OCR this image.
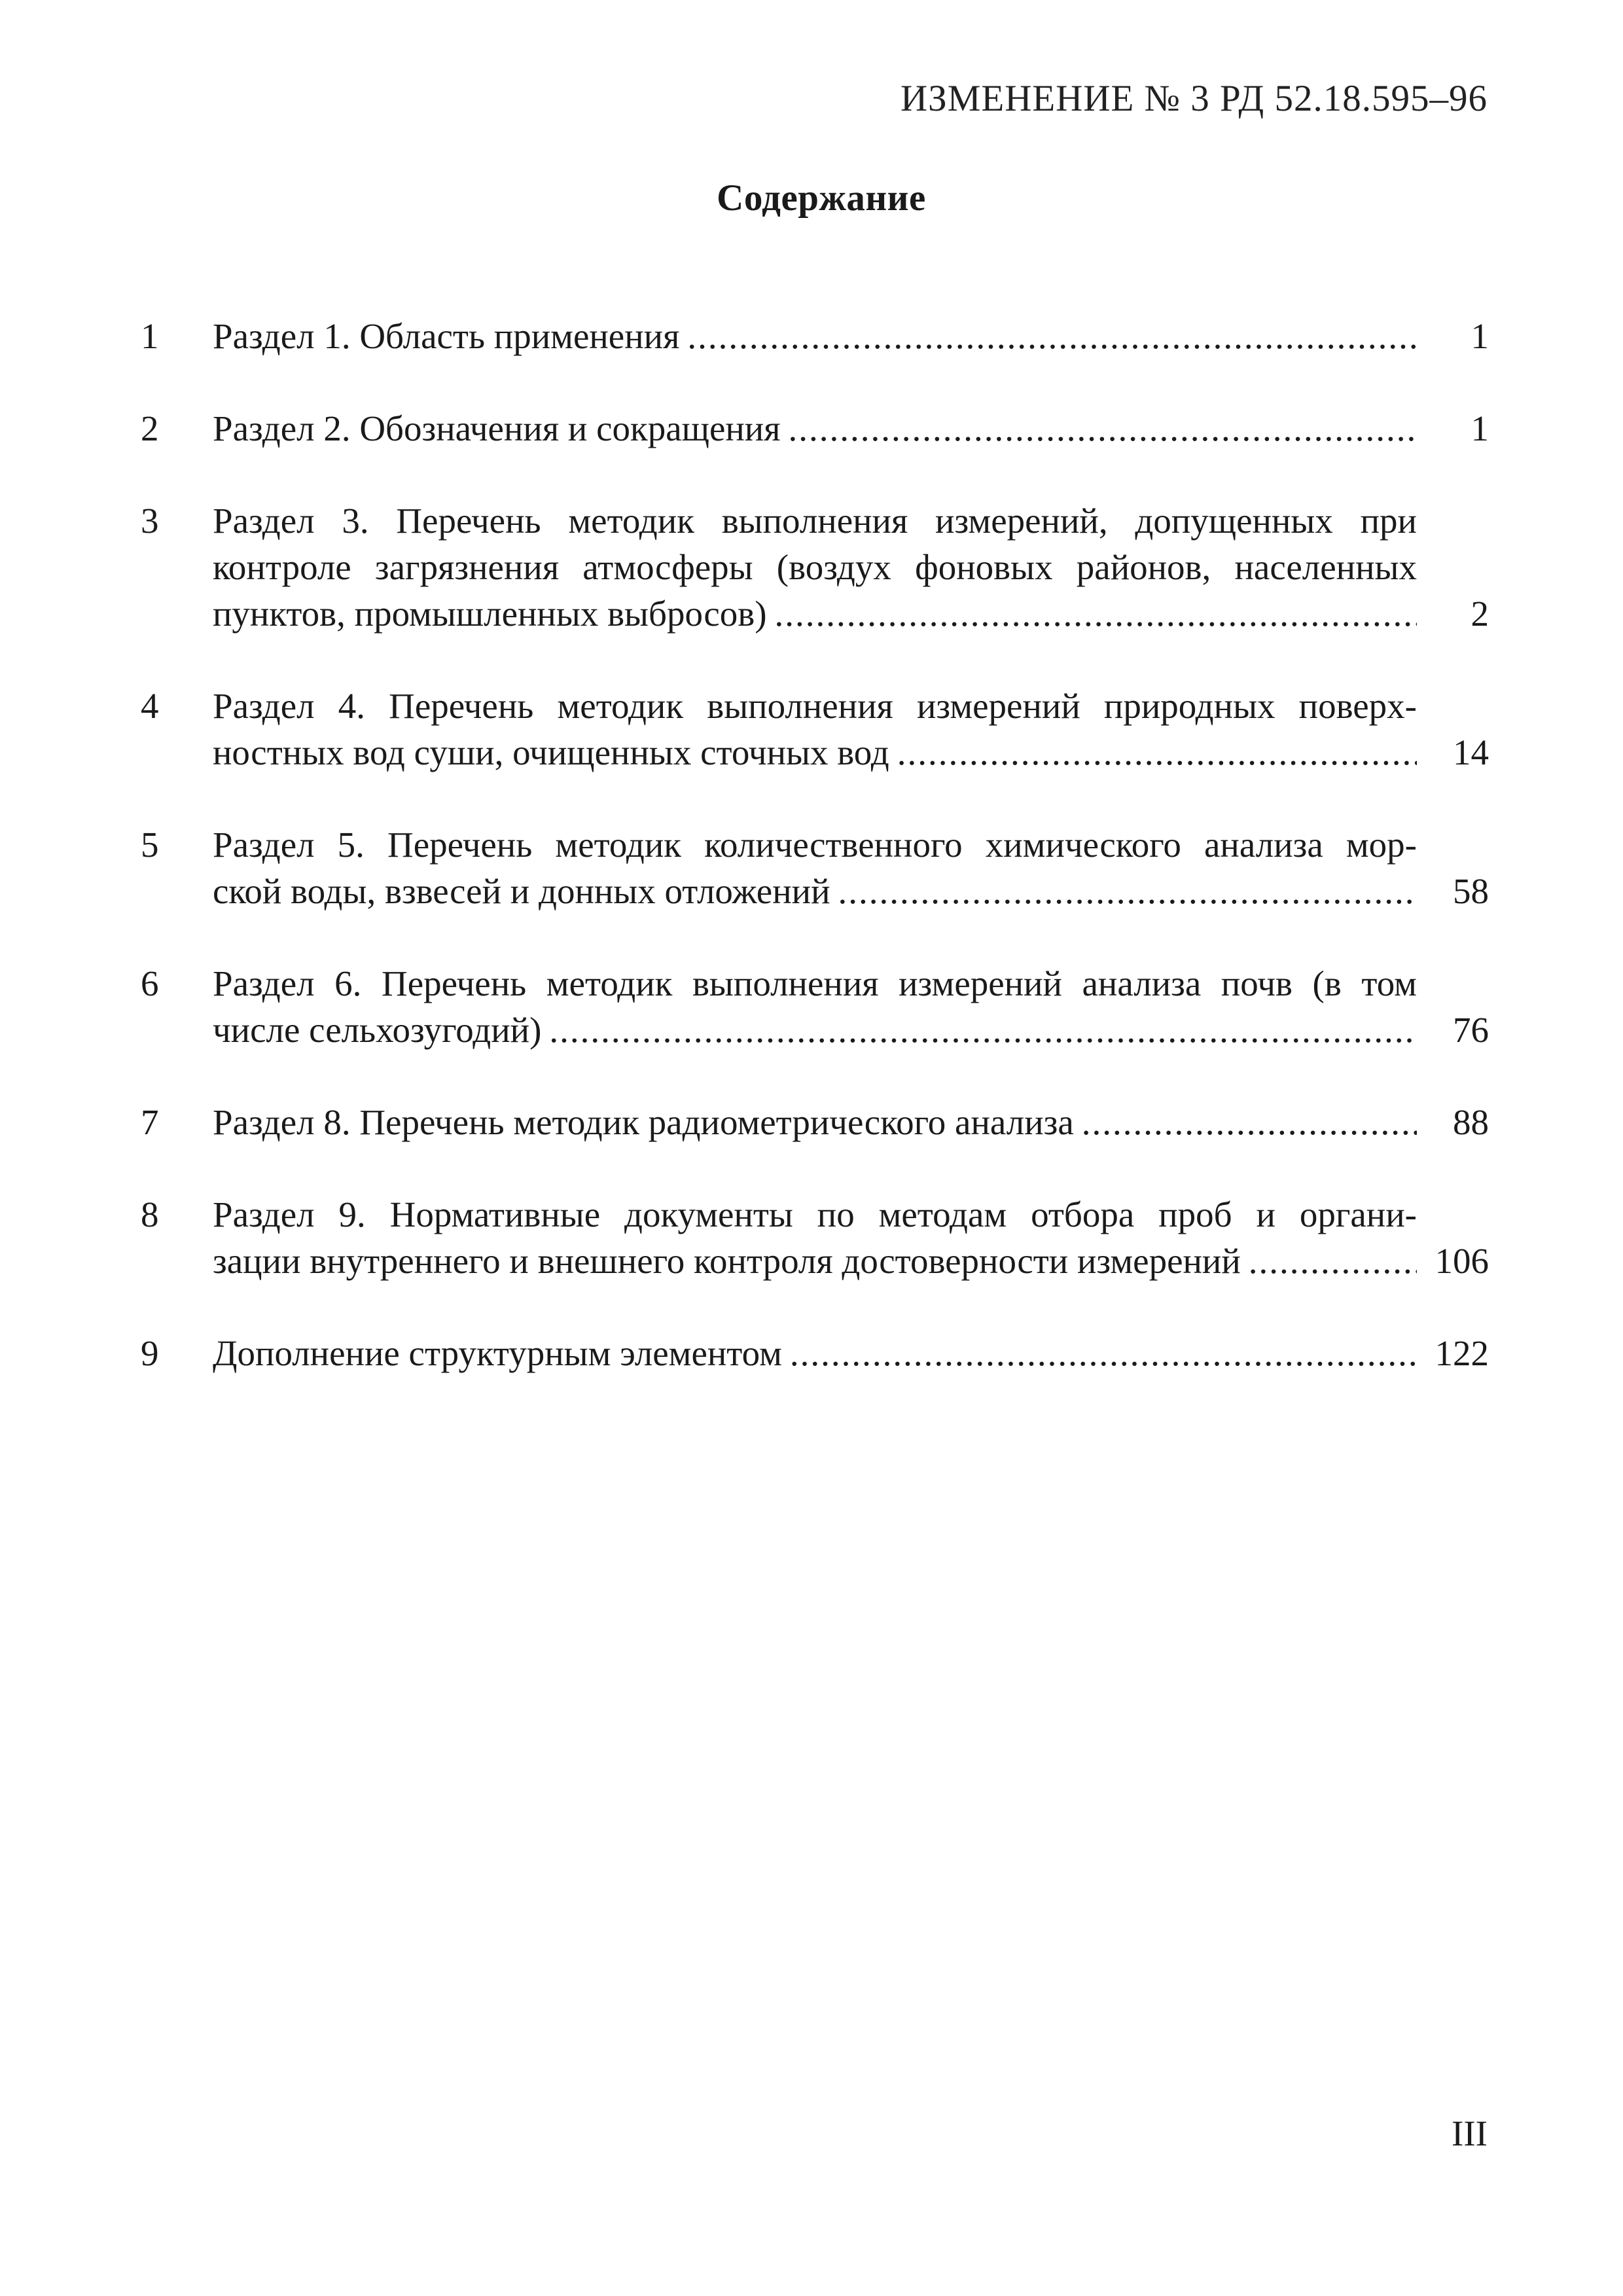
ИЗМЕНЕНИЕ № 3 РД 52.18.595–96
Содержание
1	Раздел 1. Область применения .....	1
2	Раздел 2. Обозначения и сокращения .....	1
3	Раздел 3. Перечень методик выполнения измерений, допущенных при
контроле загрязнения атмосферы (воздух фоновых районов, населенных
пунктов, промышленных выбросов) .....	2
4	Раздел 4. Перечень методик выполнения измерений природных поверх-
ностных вод суши, очищенных сточных вод .....	14
5	Раздел 5. Перечень методик количественного химического анализа мор-
ской воды, взвесей и донных отложений .....	58
6	Раздел 6. Перечень методик выполнения измерений анализа почв (в том
числе сельхозугодий) .....	76
7	Раздел 8. Перечень методик радиометрического анализа .....	88
8	Раздел 9. Нормативные документы по методам отбора проб и органи-
зации внутреннего и внешнего контроля достоверности измерений .....	106
9	Дополнение структурным элементом .....	122
III
